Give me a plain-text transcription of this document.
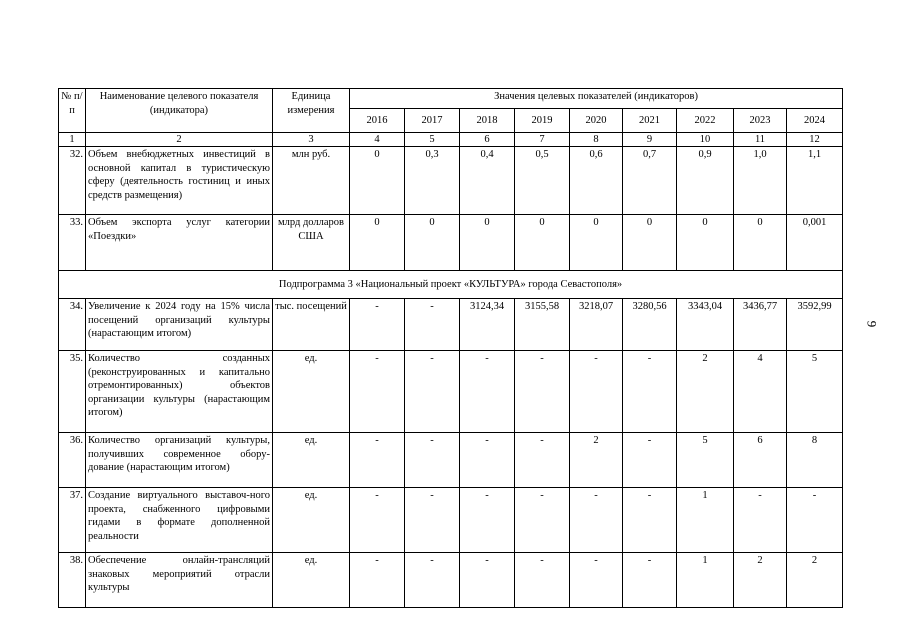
№ п/п	Наименование целевого показателя (индикатора)	Единица измерения	Значения целевых показателей (индикаторов)								
			2016	2017	2018	2019	2020	2021	2022	2023	2024
1	2	3	4	5	6	7	8	9	10	11	12
32.	Объем внебюджетных инвестиций в основной капитал в туристическую сферу (деятельность гостиниц и иных средств размещения)	млн руб.	0	0,3	0,4	0,5	0,6	0,7	0,9	1,0	1,1
33.	Объем экспорта услуг категории «Поездки»	млрд долларов США	0	0	0	0	0	0	0	0	0,001
Подпрограмма 3 «Национальный проект «КУЛЬТУРА» города Севастополя»											
34.	Увеличение к 2024 году на 15% числа посещений организаций культуры (нарастающим итогом)	тыс. посещений	-	-	3124,34	3155,58	3218,07	3280,56	3343,04	3436,77	3592,99
35.	Количество созданных (реконструированных и капитально отремонтированных) объектов организации культуры (нарастающим итогом)	ед.	-	-	-	-	-	-	2	4	5
36.	Количество организаций культуры, получивших современное обору-дование (нарастающим итогом)	ед.	-	-	-	-	2	-	5	6	8
37.	Создание виртуального выставоч-ного проекта, снабженного цифровыми гидами в формате дополненной реальности	ед.	-	-	-	-	-	-	1	-	-
38.	Обеспечение онлайн-трансляций знаковых мероприятий отрасли культуры	ед.	-	-	-	-	-	-	1	2	2
9
